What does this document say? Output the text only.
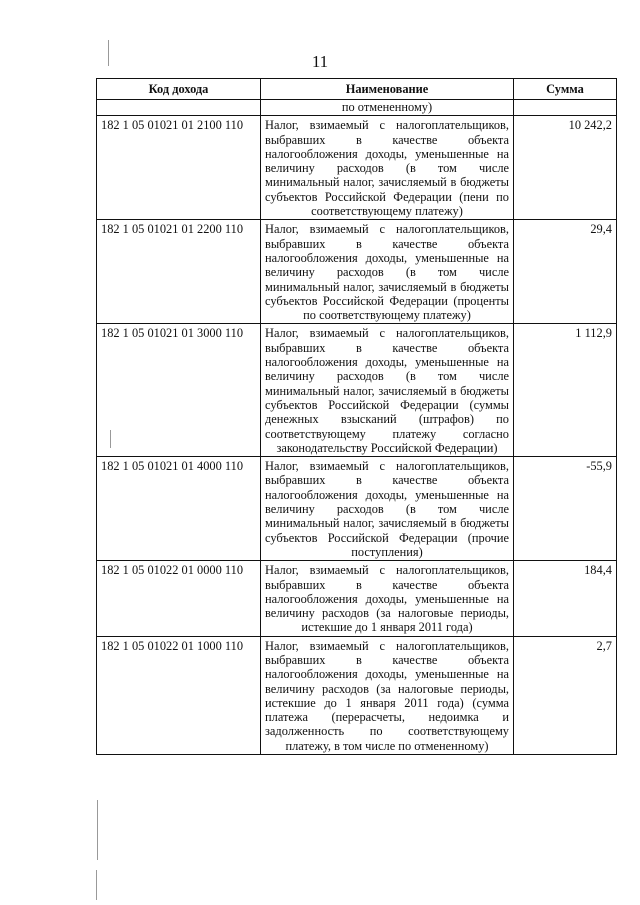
11
Код дохода	Наименование	Сумма
	по отмененному)	
182 1 05 01021 01 2100 110	Налог, взимаемый с налогоплательщиков, выбравших в качестве объекта налогообложения доходы, уменьшенные на величину расходов (в том числе минимальный налог, зачисляемый в бюджеты субъектов Российской Федерации (пени по соответствующему платежу)	10 242,2
182 1 05 01021 01 2200 110	Налог, взимаемый с налогоплательщиков, выбравших в качестве объекта налогообложения доходы, уменьшенные на величину расходов (в том числе минимальный налог, зачисляемый в бюджеты субъектов Российской Федерации (проценты по соответствующему платежу)	29,4
182 1 05 01021 01 3000 110	Налог, взимаемый с налогоплательщиков, выбравших в качестве объекта налогообложения доходы, уменьшенные на величину расходов (в том числе минимальный налог, зачисляемый в бюджеты субъектов Российской Федерации (суммы денежных взысканий (штрафов) по соответствующему платежу согласно законодательству Российской Федерации)	1 112,9
182 1 05 01021 01 4000 110	Налог, взимаемый с налогоплательщиков, выбравших в качестве объекта налогообложения доходы, уменьшенные на величину расходов (в том числе минимальный налог, зачисляемый в бюджеты субъектов Российской Федерации (прочие поступления)	-55,9
182 1 05 01022 01 0000 110	Налог, взимаемый с налогоплательщиков, выбравших в качестве объекта налогообложения доходы, уменьшенные на величину расходов (за налоговые периоды, истекшие до 1 января 2011 года)	184,4
182 1 05 01022 01 1000 110	Налог, взимаемый с налогоплательщиков, выбравших в качестве объекта налогообложения доходы, уменьшенные на величину расходов (за налоговые периоды, истекшие до 1 января 2011 года) (сумма платежа (перерасчеты, недоимка и задолженность по соответствующему платежу, в том числе по отмененному)	2,7
